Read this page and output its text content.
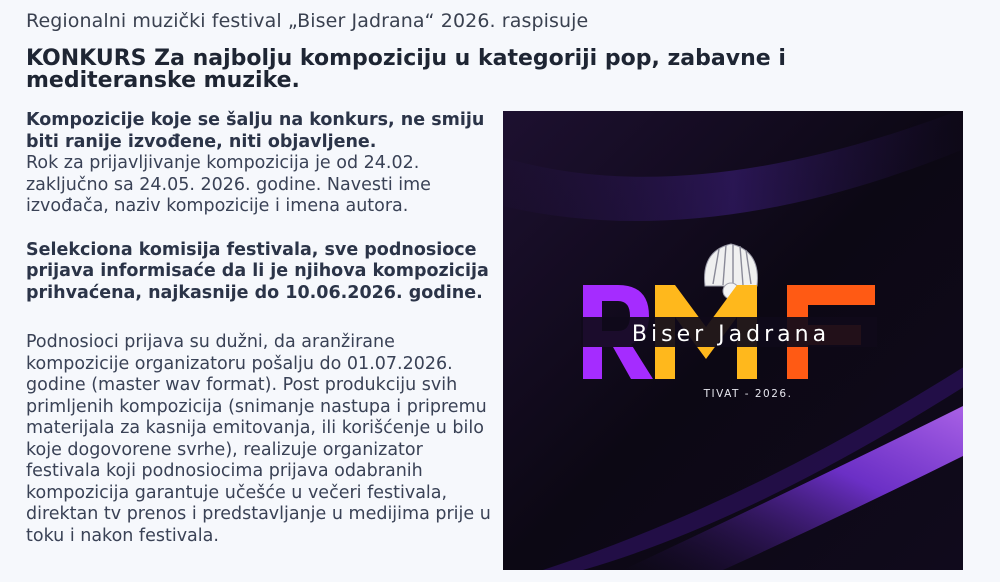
Regionalni muzički festival „Biser Jadrana“ 2026. raspisuje
KONKURS Za najbolju kompoziciju u kategoriji pop, zabavne i mediteranske muzike.

Kompozicije koje se šalju na konkurs, ne smiju biti ranije izvođene, niti objavljene.

Rok za prijavljivanje kompozicija je od 24.02. zaključno sa 24.05. 2026. godine. Navesti ime izvođača, naziv kompozicije i imena autora.

Selekciona komisija festivala, sve podnosioce prijava informisaće da li je njihova kompozicija prihvaćena, najkasnije do 10.06.2026. godine.

Podnosioci prijava su dužni, da aranžirane kompozicije organizatoru pošalju do 01.07.2026. godine (master wav format). Post produkciju svih primljenih kompozicija (snimanje nastupa i pripremu materijala za kasnija emitovanja, ili korišćenje u bilo koje dogovorene svrhe), realizuje organizator festivala koji podnosiocima prijava odabranih kompozicija garantuje učešće u večeri festivala, direktan tv prenos i predstavljanje u medijima prije u toku i nakon festivala.

Biser Jadrana
TIVAT - 2026.
